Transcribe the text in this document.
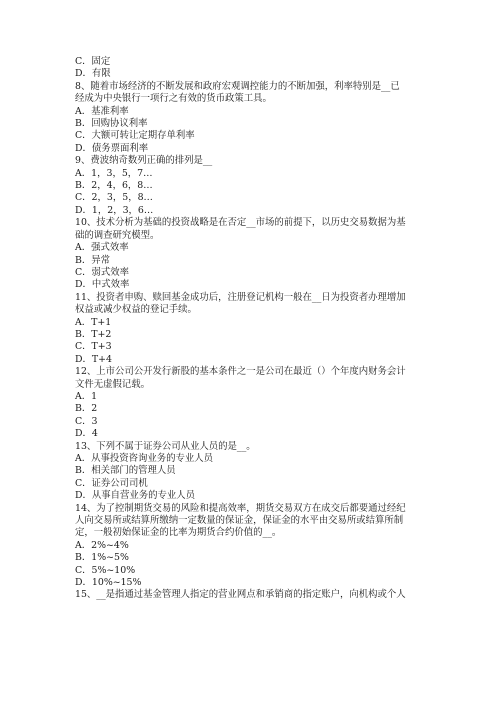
C．固定
D．有限
8、随着市场经济的不断发展和政府宏观调控能力的不断加强，利率特别是__已
经成为中央银行一项行之有效的货币政策工具。
A．基准利率
B．回购协议利率
C．大额可转让定期存单利率
D．债务票面利率
9、费波纳奇数列正确的排列是__
A．1，3，5，7…
B．2，4，6，8…
C．2，3，5，8…
D．1，2，3，6…
10、技术分析为基础的投资战略是在否定__市场的前提下，以历史交易数据为基
础的调查研究模型。
A．强式效率
B．异常
C．弱式效率
D．中式效率
11、投资者申购、赎回基金成功后，注册登记机构一般在__日为投资者办理增加
权益或减少权益的登记手续。
A．T+1
B．T+2
C．T+3
D．T+4
12、上市公司公开发行新股的基本条件之一是公司在最近（）个年度内财务会计
文件无虚假记载。
A．1
B．2
C．3
D．4
13、下列不属于证券公司从业人员的是__。
A．从事投资咨询业务的专业人员
B．相关部门的管理人员
C．证券公司司机
D．从事自营业务的专业人员
14、为了控制期货交易的风险和提高效率，期货交易双方在成交后都要通过经纪
人向交易所或结算所缴纳一定数量的保证金，保证金的水平由交易所或结算所制
定，一般初始保证金的比率为期货合约价值的__。
A．2%~4%
B．1%~5%
C．5%~10%
D．10%~15%
15、__是指通过基金管理人指定的营业网点和承销商的指定账户，向机构或个人
